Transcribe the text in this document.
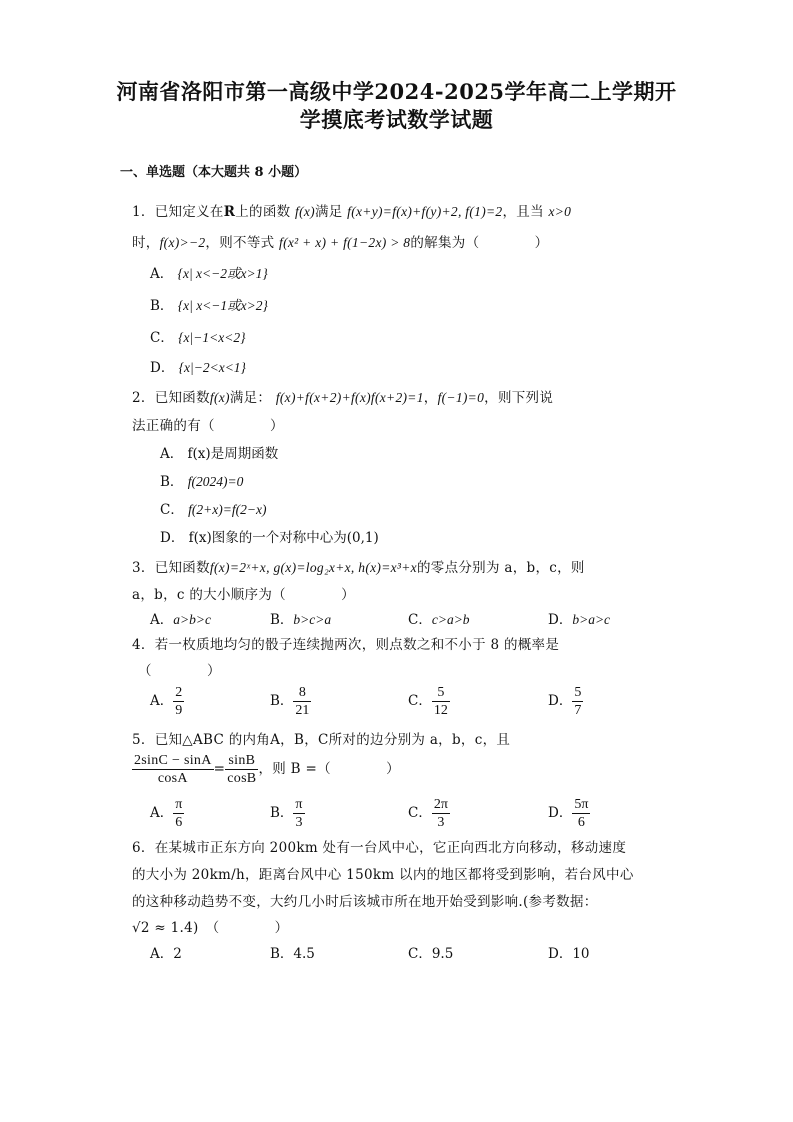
河南省洛阳市第一高级中学2024-2025学年高二上学期开
学摸底考试数学试题
一、单选题（本大题共 8 小题）
1．已知定义在R上的函数 f(x)满足 f(x+y)=f(x)+f(y)+2, f(1)=2，且当 x>0
时，f(x)>−2，则不等式 f(x² + x) + f(1−2x) > 8的解集为（　　　　）
A． {x| x<−2或x>1}
B． {x| x<−1或x>2}
C． {x|−1<x<2}
D． {x|−2<x<1}
2．已知函数f(x)满足： f(x)+f(x+2)+f(x)f(x+2)=1，f(−1)=0，则下列说
法正确的有（　　　　）
A． f(x)是周期函数
B． f(2024)=0
C． f(2+x)=f(2−x)
D． f(x)图象的一个对称中心为(0,1)
3．已知函数f(x)=2ˣ+x, g(x)=log₂x+x, h(x)=x³+x的零点分别为 a，b，c，则
a，b，c 的大小顺序为（　　　　）
A．a>b>c	B．b>c>a	C．c>a>b	D．b>a>c
4．若一枚质地均匀的骰子连续抛两次，则点数之和不小于 8 的概率是
（　　　　）
A． $\frac{2}{9}$	B． $\frac{8}{21}$	C． $\frac{5}{12}$	D． $\frac{5}{7}$
5．已知△ABC 的内角A，B，C所对的边分别为 a，b，c，且
$\frac{2\sin C - \sin A}{\cos A} = \frac{\sin B}{\cos B}$ ，则 B =（　　　　）
A． $\frac{\pi}{6}$	B． $\frac{\pi}{3}$	C． $\frac{2\pi}{3}$	D． $\frac{5\pi}{6}$
6．在某城市正东方向 200km 处有一台风中心，它正向西北方向移动，移动速度
的大小为 20km/h，距离台风中心 150km 以内的地区都将受到影响，若台风中心
的这种移动趋势不变，大约几小时后该城市所在地开始受到影响.(参考数据：
√2 ≈ 1.4)　（　　　　）
A．2	B．4.5	C．9.5	D．10
